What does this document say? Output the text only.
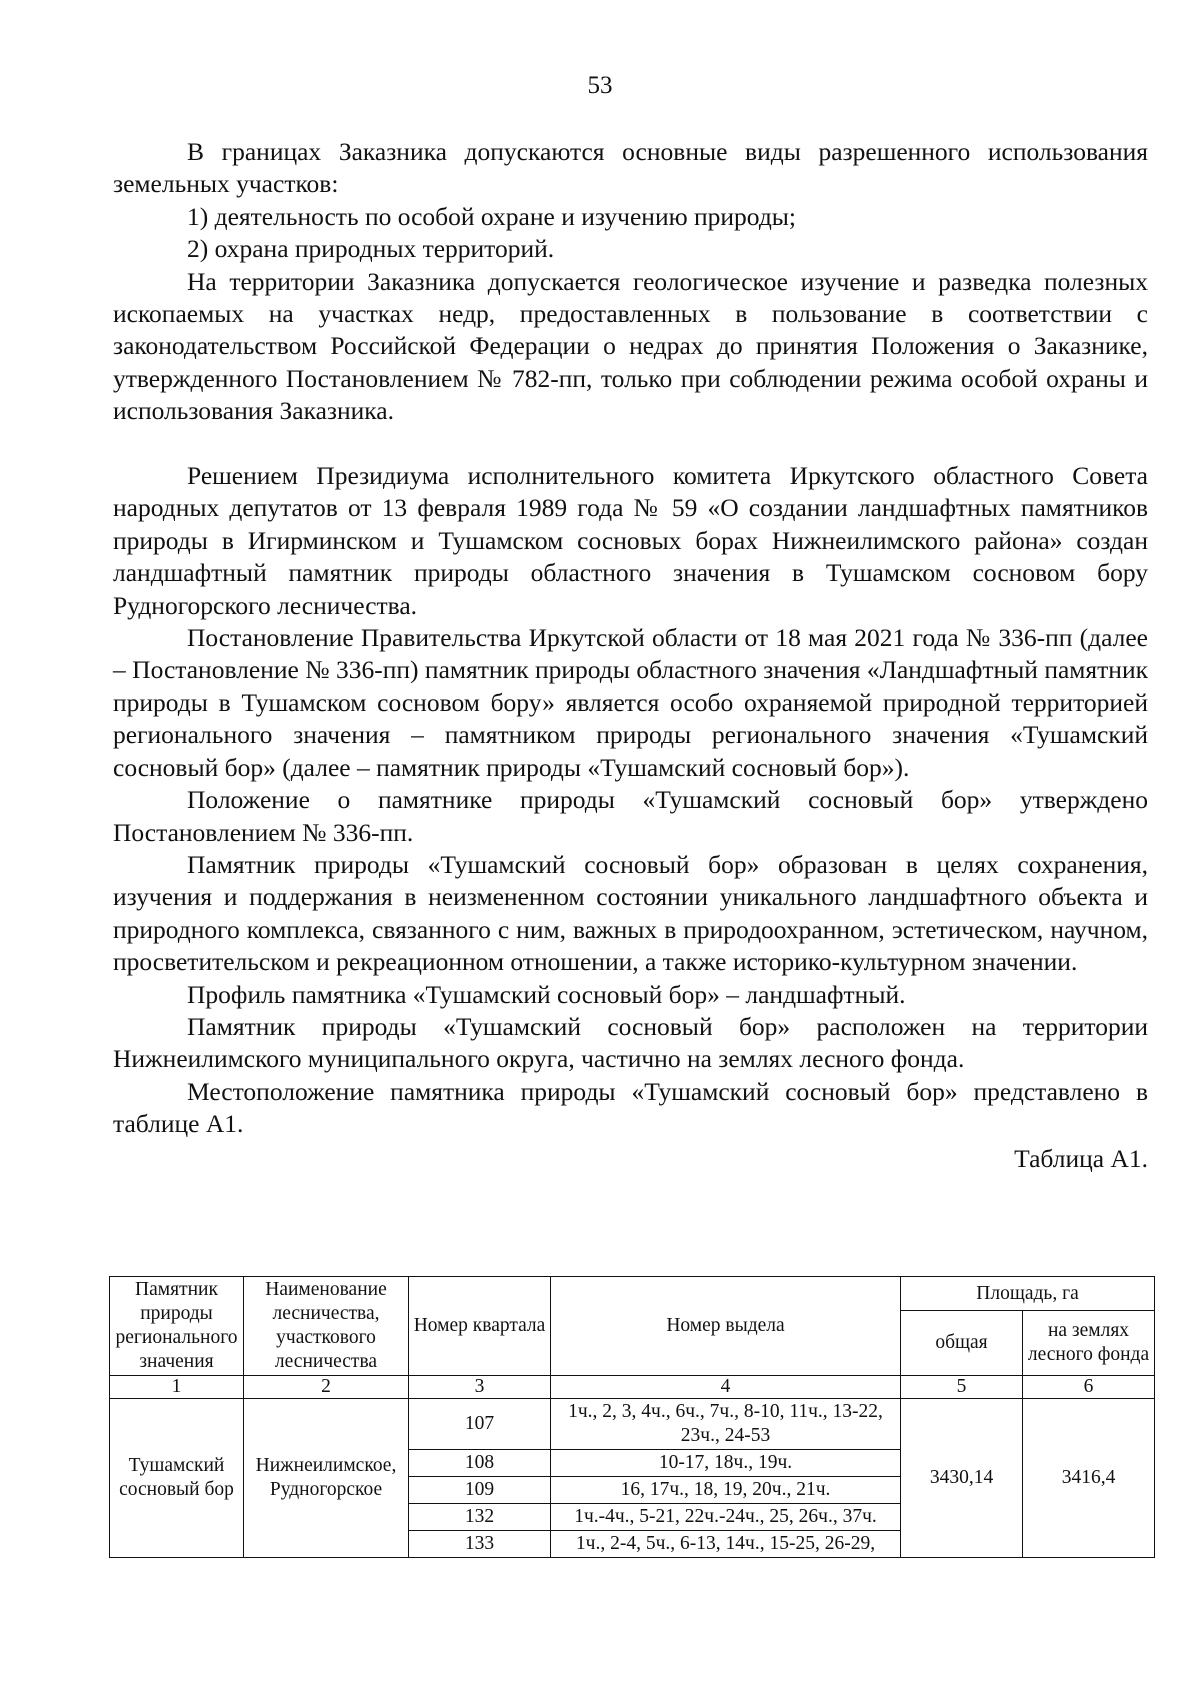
53

В границах Заказника допускаются основные виды разрешенного использования земельных участков:

1) деятельность по особой охране и изучению природы;

2) охрана природных территорий.

На территории Заказника допускается геологическое изучение и разведка полезных ископаемых на участках недр, предоставленных в пользование в соответствии с законодательством Российской Федерации о недрах до принятия Положения о Заказнике, утвержденного Постановлением № 782-пп, только при соблюдении режима особой охраны и использования Заказника.

Решением Президиума исполнительного комитета Иркутского областного Совета народных депутатов от 13 февраля 1989 года № 59 «О создании ландшафтных памятников природы в Игирминском и Тушамском сосновых борах Нижнеилимского района» создан ландшафтный памятник природы областного значения в Тушамском сосновом бору Рудногорского лесничества.

Постановление Правительства Иркутской области от 18 мая 2021 года № 336-пп (далее – Постановление № 336-пп) памятник природы областного значения «Ландшафтный памятник природы в Тушамском сосновом бору» является особо охраняемой природной территорией регионального значения – памятником природы регионального значения «Тушамский сосновый бор» (далее – памятник природы «Тушамский сосновый бор»).

Положение о памятнике природы «Тушамский сосновый бор» утверждено Постановлением № 336-пп.

Памятник природы «Тушамский сосновый бор» образован в целях сохранения, изучения и поддержания в неизмененном состоянии уникального ландшафтного объекта и природного комплекса, связанного с ним, важных в природоохранном, эстетическом, научном, просветительском и рекреационном отношении, а также историко-культурном значении.

Профиль памятника «Тушамский сосновый бор» – ландшафтный.

Памятник природы «Тушамский сосновый бор» расположен на территории Нижнеилимского муниципального округа, частично на землях лесного фонда.

Местоположение памятника природы «Тушамский сосновый бор» представлено в таблице А1.

Таблица А1.

Памятник природы регионального значения	Наименование лесничества, участкового лесничества	Номер квартала	Номер выдела	Площадь, га	
				общая	на землях лесного фонда
1	2	3	4	5	6
Тушамский сосновый бор	Нижнеилимское, Рудногорское	107	1ч., 2, 3, 4ч., 6ч., 7ч., 8-10, 11ч., 13-22, 23ч., 24-53	3430,14	3416,4
		108	10-17, 18ч., 19ч.		
		109	16, 17ч., 18, 19, 20ч., 21ч.		
		132	1ч.-4ч., 5-21, 22ч.-24ч., 25, 26ч., 37ч.		
		133	1ч., 2-4, 5ч., 6-13, 14ч., 15-25, 26-29,		
